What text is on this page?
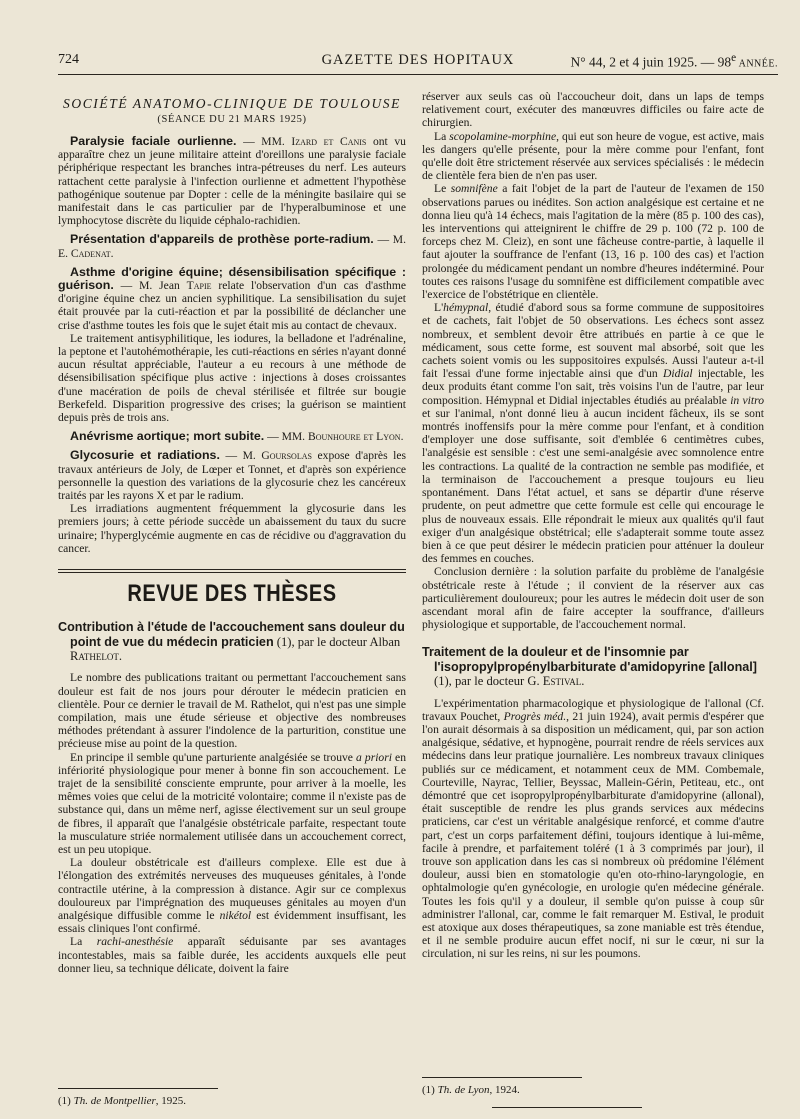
724	GAZETTE DES HOPITAUX	N° 44, 2 et 4 juin 1925. — 98e ANNÉE.
SOCIÉTÉ ANATOMO-CLINIQUE DE TOULOUSE
(SÉANCE DU 21 MARS 1925)

Paralysie faciale ourlienne. — MM. Izard et Canis ont vu apparaître chez un jeune militaire atteint d'oreillons une paralysie faciale périphérique respectant les branches intra-pétreuses du nerf. Les auteurs rattachent cette paralysie à l'infection ourlienne et admettent l'hypothèse pathogénique soutenue par Dopter : celle de la méningite basilaire qui se manifestait dans le cas particulier par de l'hyperalbuminose et une lymphocytose discrète du liquide céphalo-rachidien.

Présentation d'appareils de prothèse porte-radium. — M. E. Cadenat.

Asthme d'origine équine; désensibilisation spécifique : guérison. — M. Jean Tapie relate l'observation d'un cas d'asthme d'origine équine chez un ancien syphilitique. La sensibilisation du sujet était prouvée par la cuti-réaction et par la possibilité de déclancher une crise d'asthme toutes les fois que le sujet était mis au contact de chevaux.

Le traitement antisyphilitique, les iodures, la belladone et l'adrénaline, la peptone et l'autohémothérapie, les cuti-réactions en séries n'ayant donné aucun résultat appréciable, l'auteur a eu recours à une méthode de désensibilisation spécifique plus active : injections à doses croissantes d'une macération de poils de cheval stérilisée et filtrée sur bougie Berkefeld. Disparition progressive des crises; la guérison se maintient depuis près de trois ans.

Anévrisme aortique; mort subite. — MM. Bounhoure et Lyon.

Glycosurie et radiations. — M. Goursolas expose d'après les travaux antérieurs de Joly, de Lœper et Tonnet, et d'après son expérience personnelle la question des variations de la glycosurie chez les cancéreux traités par les rayons X et par le radium.

Les irradiations augmentent fréquemment la glycosurie dans les premiers jours; à cette période succède un abaissement du taux du sucre urinaire; l'hyperglycémie augmente en cas de récidive ou d'aggravation du cancer.

REVUE DES THÈSES
Contribution à l'étude de l'accouchement sans douleur du point de vue du médecin praticien (1), par le docteur Alban Rathelot.

Le nombre des publications traitant ou permettant l'accouchement sans douleur est fait de nos jours pour dérouter le médecin praticien en clientèle. Pour ce dernier le travail de M. Rathelot, qui n'est pas une simple compilation, mais une étude sérieuse et objective des nombreuses méthodes prétendant à assurer l'indolence de la parturition, constitue une précieuse mise au point de la question.

En principe il semble qu'une parturiente analgésiée se trouve a priori en infériorité physiologique pour mener à bonne fin son accouchement. Le trajet de la sensibilité consciente emprunte, pour arriver à la moelle, les mêmes voies que celui de la motricité volontaire; comme il n'existe pas de substance qui, dans un même nerf, agisse électivement sur un seul groupe de fibres, il apparaît que l'analgésie obstétricale parfaite, respectant toute la musculature striée normalement utilisée dans un accouchement correct, est un peu utopique.

La douleur obstétricale est d'ailleurs complexe. Elle est due à l'élongation des extrémités nerveuses des muqueuses génitales, à l'onde contractile utérine, à la compression à distance. Agir sur ce complexus douloureux par l'imprégnation des muqueuses génitales au moyen d'un analgésique diffusible comme le nikétol est évidemment insuffisant, les essais cliniques l'ont confirmé.

La rachi-anesthésie apparaît séduisante par ses avantages incontestables, mais sa faible durée, les accidents auxquels elle peut donner lieu, sa technique délicate, doivent la faire

(1) Th. de Montpellier, 1925.

réserver aux seuls cas où l'accoucheur doit, dans un laps de temps relativement court, exécuter des manœuvres difficiles ou faire acte de chirurgien.

La scopolamine-morphine, qui eut son heure de vogue, est active, mais les dangers qu'elle présente, pour la mère comme pour l'enfant, font qu'elle doit être strictement réservée aux services spécialisés : le médecin de clientèle fera bien de n'en pas user.

Le somnifène a fait l'objet de la part de l'auteur de l'examen de 150 observations parues ou inédites. Son action analgésique est certaine et ne donna lieu qu'à 14 échecs, mais l'agitation de la mère (85 p. 100 des cas), les interventions qui atteignirent le chiffre de 29 p. 100 (72 p. 100 de forceps chez M. Cleiz), en sont une fâcheuse contre-partie, à laquelle il faut ajouter la souffrance de l'enfant (13, 16 p. 100 des cas) et l'action prolongée du médicament pendant un nombre d'heures indéterminé. Pour toutes ces raisons l'usage du somnifène est difficilement compatible avec l'exercice de l'obstétrique en clientèle.

L'hémypnal, étudié d'abord sous sa forme commune de suppositoires et de cachets, fait l'objet de 50 observations. Les échecs sont assez nombreux, et semblent devoir être attribués en partie à ce que le médicament, sous cette forme, est souvent mal absorbé, soit que les cachets soient vomis ou les suppositoires expulsés. Aussi l'auteur a-t-il fait l'essai d'une forme injectable ainsi que d'un Didial injectable, les deux produits étant comme l'on sait, très voisins l'un de l'autre, par leur composition. Hémypnal et Didial injectables étudiés au préalable in vitro et sur l'animal, n'ont donné lieu à aucun incident fâcheux, ils se sont montrés inoffensifs pour la mère comme pour l'enfant, et à condition d'employer une dose suffisante, soit d'emblée 6 centimètres cubes, l'analgésie est sensible : c'est une semi-analgésie avec somnolence entre les contractions. La qualité de la contraction ne semble pas modifiée, et la terminaison de l'accouchement a presque toujours eu lieu spontanément. Dans l'état actuel, et sans se départir d'une réserve prudente, on peut admettre que cette formule est celle qui encourage le plus de nouveaux essais. Elle répondrait le mieux aux qualités qu'il faut exiger d'un analgésique obstétrical; elle s'adapterait somme toute assez bien à ce que peut désirer le médecin praticien pour atténuer la douleur des femmes en couches.

Conclusion dernière : la solution parfaite du problème de l'analgésie obstétricale reste à l'étude ; il convient de la réserver aux cas particulièrement douloureux; pour les autres le médecin doit user de son ascendant moral afin de faire accepter la souffrance, d'ailleurs physiologique et supportable, de l'accouchement normal.

Traitement de la douleur et de l'insomnie par l'isopropylpropénylbarbiturate d'amidopyrine [allonal] (1), par le docteur G. Estival.

L'expérimentation pharmacologique et physiologique de l'allonal (Cf. travaux Pouchet, Progrès méd., 21 juin 1924), avait permis d'espérer que l'on aurait désormais à sa disposition un médicament, qui, par son action analgésique, sédative, et hypnogène, pourrait rendre de réels services aux médecins dans leur pratique journalière. Les nombreux travaux cliniques publiés sur ce médicament, et notamment ceux de MM. Combemale, Courteville, Nayrac, Tellier, Beyssac, Mallein-Gérin, Petiteau, etc., ont démontré que cet isopropylpropénylbarbiturate d'amidopyrine (allonal), était susceptible de rendre les plus grands services aux médecins praticiens, car c'est un véritable analgésique renforcé, et comme d'autre part, c'est un corps parfaitement défini, toujours identique à lui-même, facile à prendre, et parfaitement toléré (1 à 3 comprimés par jour), il trouve son application dans les cas si nombreux où prédomine l'élément douleur, aussi bien en stomatologie qu'en oto-rhino-laryngologie, en ophtalmologie qu'en gynécologie, en urologie qu'en médecine générale. Toutes les fois qu'il y a douleur, il semble qu'on puisse à coup sûr administrer l'allonal, car, comme le fait remarquer M. Estival, le produit est atoxique aux doses thérapeutiques, sa zone maniable est très étendue, et il ne semble produire aucun effet nocif, ni sur le cœur, ni sur la circulation, ni sur les reins, ni sur les poumons.

(1) Th. de Lyon, 1924.
